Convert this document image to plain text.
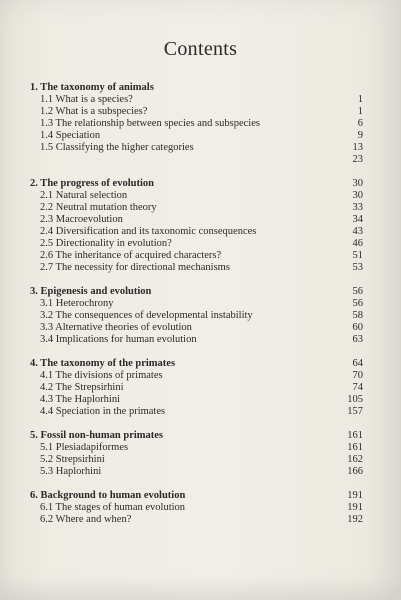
Contents
1. The taxonomy of animals
1.1 What is a species?	1
1.2 What is a subspecies?	1
1.3 The relationship between species and subspecies	6
1.4 Speciation	9
1.5 Classifying the higher categories	13
23
2. The progress of evolution	30
2.1 Natural selection	30
2.2 Neutral mutation theory	33
2.3 Macroevolution	34
2.4 Diversification and its taxonomic consequences	43
2.5 Directionality in evolution?	46
2.6 The inheritance of acquired characters?	51
2.7 The necessity for directional mechanisms	53
3. Epigenesis and evolution	56
3.1 Heterochrony	56
3.2 The consequences of developmental instability	58
3.3 Alternative theories of evolution	60
3.4 Implications for human evolution	63
4. The taxonomy of the primates	64
4.1 The divisions of primates	70
4.2 The Strepsirhini	74
4.3 The Haplorhini	105
4.4 Speciation in the primates	157
5. Fossil non-human primates	161
5.1 Plesiadapiformes	161
5.2 Strepsirhini	162
5.3 Haplorhini	166
6. Background to human evolution	191
6.1 The stages of human evolution	191
6.2 Where and when?	192
